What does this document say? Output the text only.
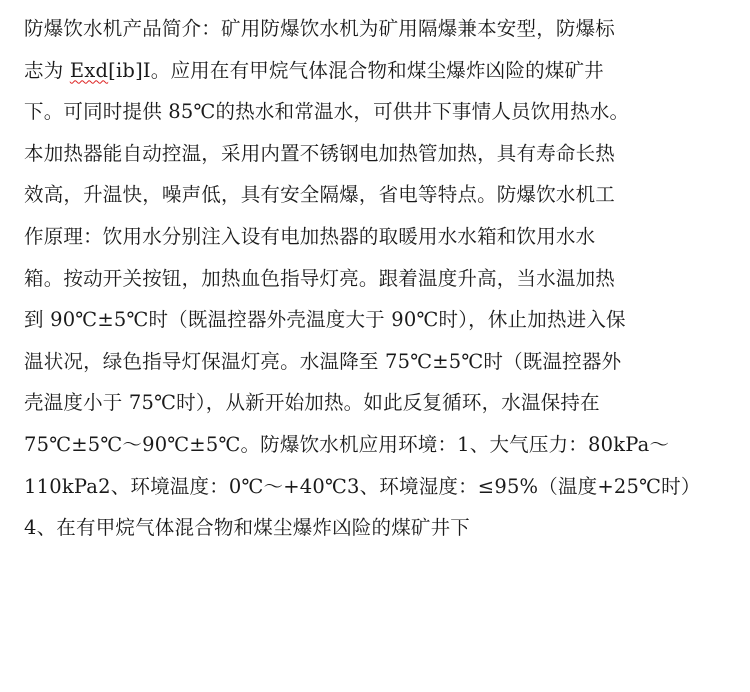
防爆饮水机产品简介：矿用防爆饮水机为矿用隔爆兼本安型，防爆标
志为 Exd[ib]I。应用在有甲烷气体混合物和煤尘爆炸凶险的煤矿井
下。可同时提供 85℃的热水和常温水，可供井下事情人员饮用热水。
本加热器能自动控温，采用内置不锈钢电加热管加热，具有寿命长热
效高，升温快，噪声低，具有安全隔爆，省电等特点。防爆饮水机工
作原理：饮用水分别注入设有电加热器的取暖用水水箱和饮用水水
箱。按动开关按钮，加热血色指导灯亮。跟着温度升高，当水温加热
到 90℃±5℃时（既温控器外壳温度大于 90℃时），休止加热进入保
温状况，绿色指导灯保温灯亮。水温降至 75℃±5℃时（既温控器外
壳温度小于 75℃时），从新开始加热。如此反复循环，水温保持在
75℃±5℃～90℃±5℃。防爆饮水机应用环境：1、大气压力：80kPa～
110kPa2、环境温度：0℃～+40℃3、环境湿度：≤95%（温度+25℃时）
4、在有甲烷气体混合物和煤尘爆炸凶险的煤矿井下
